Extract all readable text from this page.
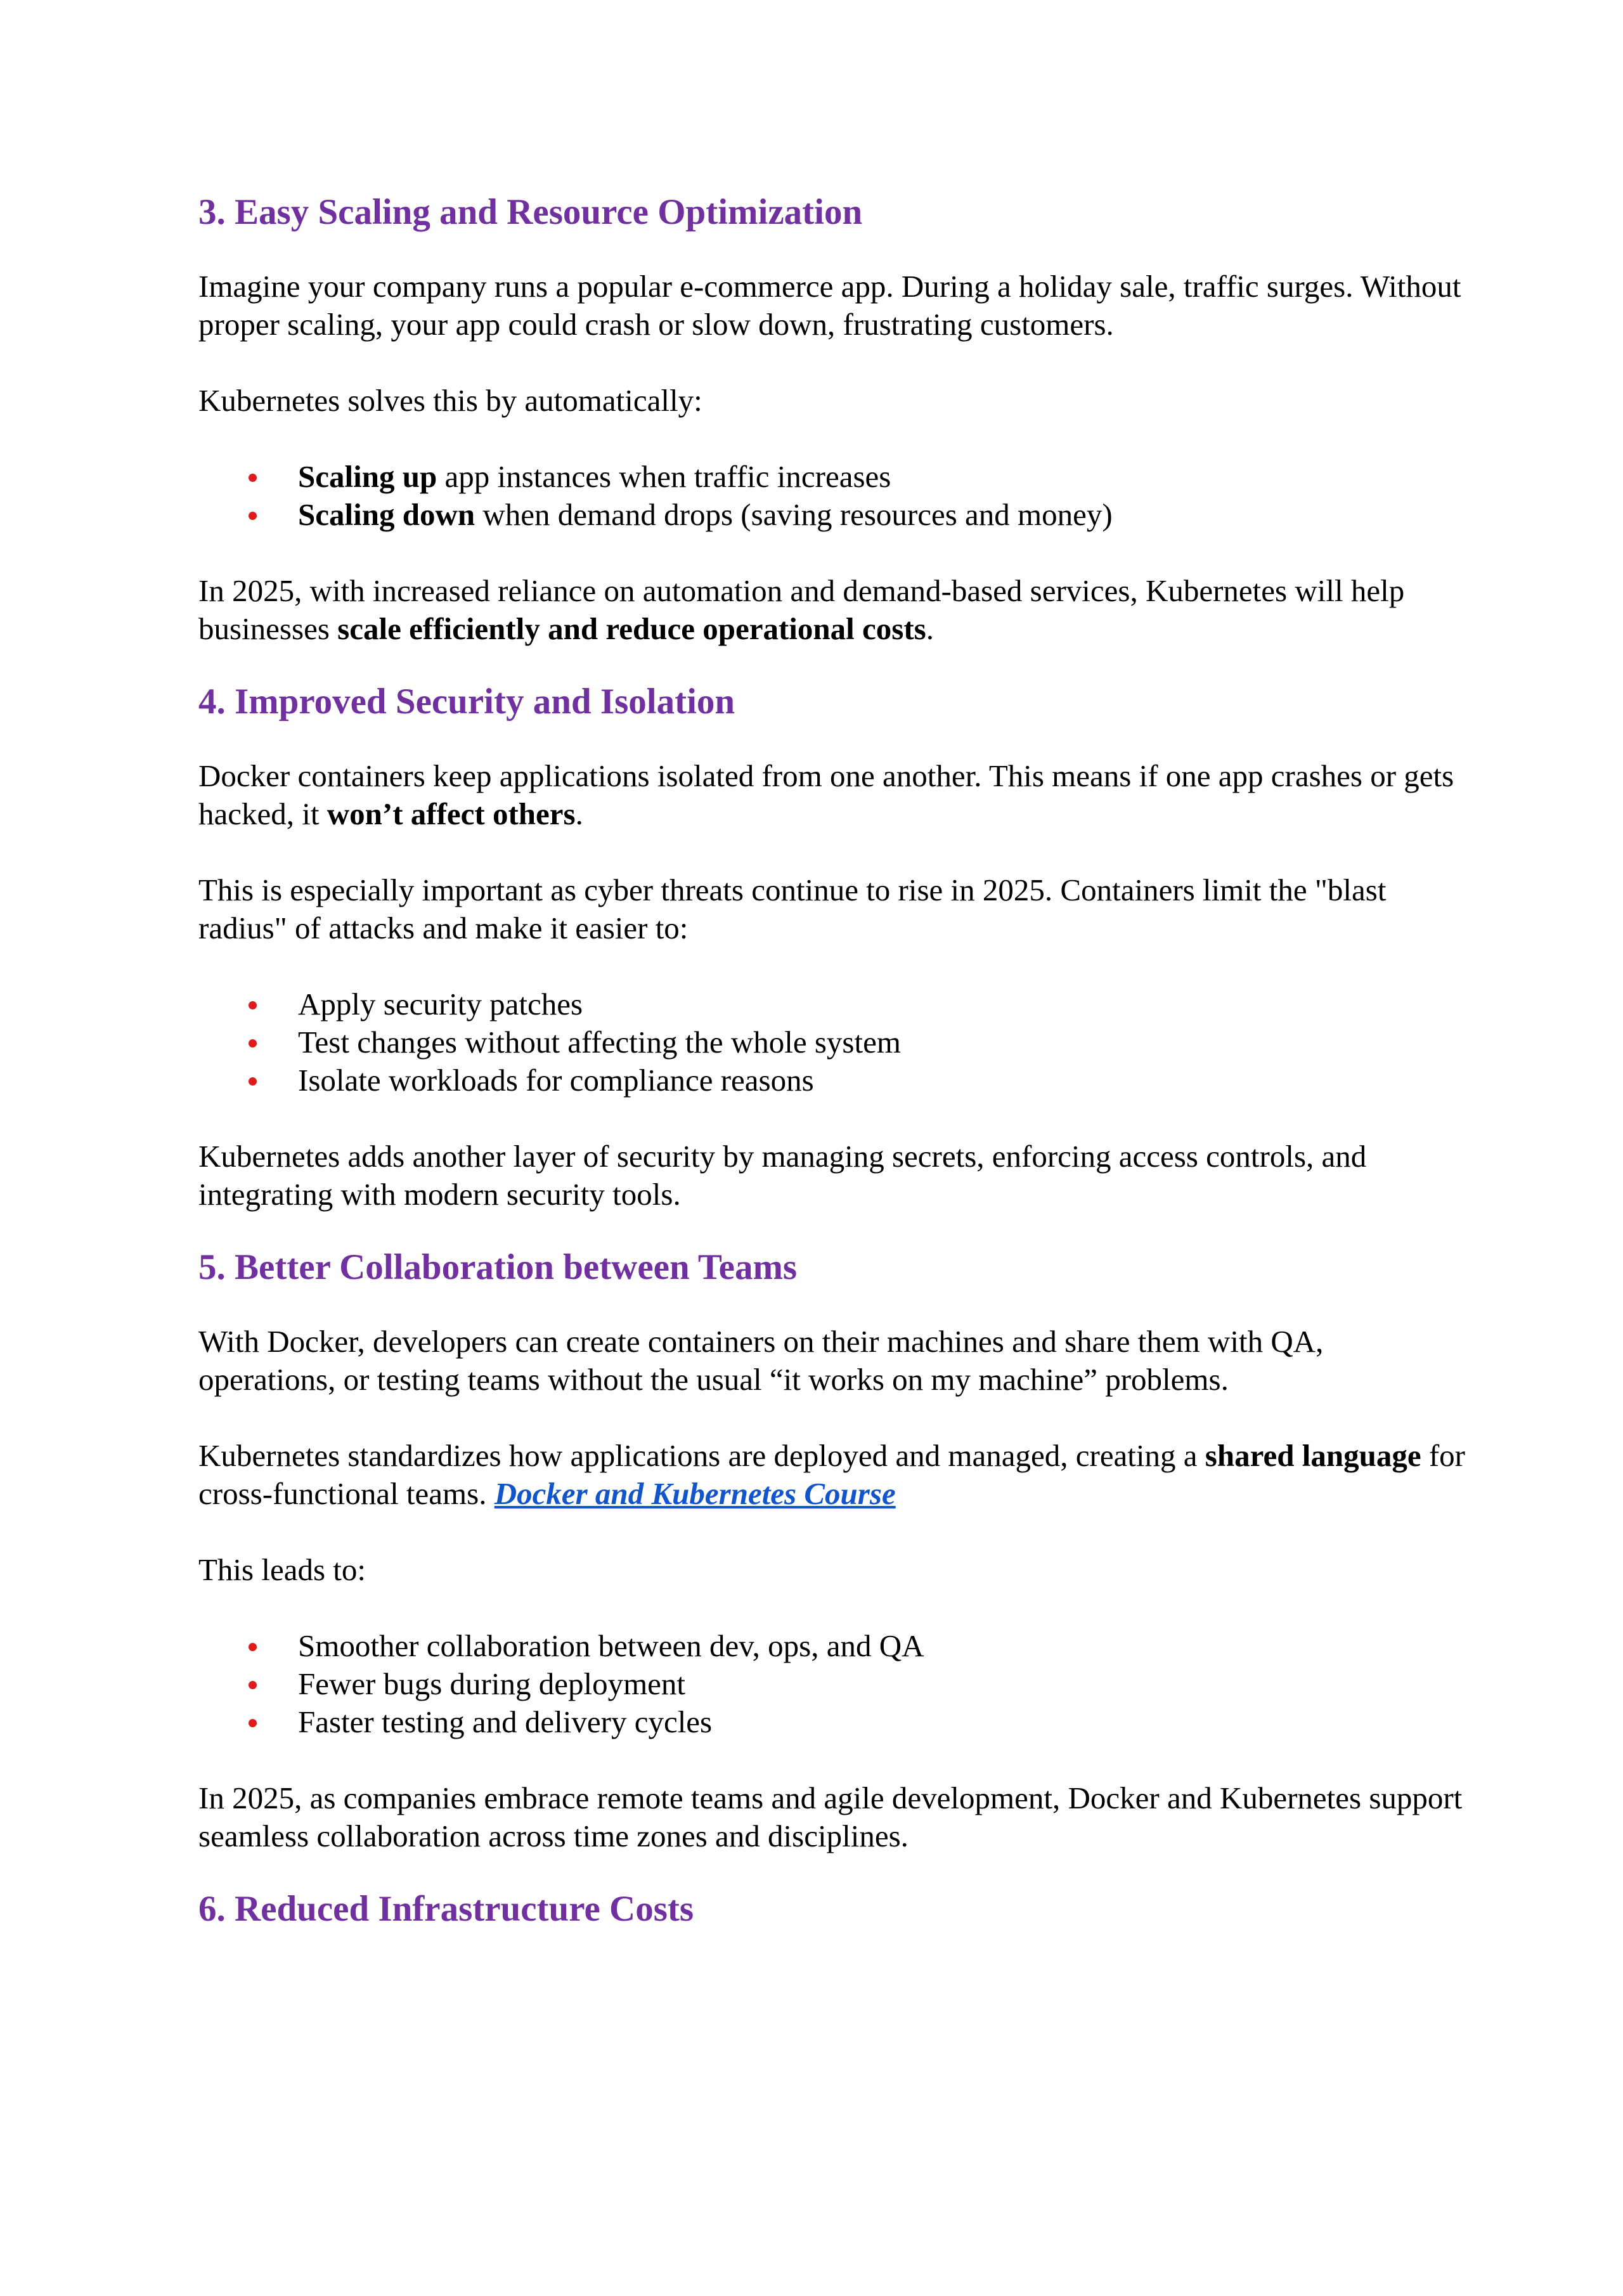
3. Easy Scaling and Resource Optimization

Imagine your company runs a popular e-commerce app. During a holiday sale, traffic surges. Without proper scaling, your app could crash or slow down, frustrating customers.

Kubernetes solves this by automatically:

Scaling up app instances when traffic increases
Scaling down when demand drops (saving resources and money)

In 2025, with increased reliance on automation and demand-based services, Kubernetes will help businesses scale efficiently and reduce operational costs.

4. Improved Security and Isolation

Docker containers keep applications isolated from one another. This means if one app crashes or gets hacked, it won’t affect others.

This is especially important as cyber threats continue to rise in 2025. Containers limit the "blast radius" of attacks and make it easier to:

Apply security patches
Test changes without affecting the whole system
Isolate workloads for compliance reasons

Kubernetes adds another layer of security by managing secrets, enforcing access controls, and integrating with modern security tools.

5. Better Collaboration between Teams

With Docker, developers can create containers on their machines and share them with QA, operations, or testing teams without the usual “it works on my machine” problems.

Kubernetes standardizes how applications are deployed and managed, creating a shared language for cross-functional teams. Docker and Kubernetes Course

This leads to:

Smoother collaboration between dev, ops, and QA
Fewer bugs during deployment
Faster testing and delivery cycles

In 2025, as companies embrace remote teams and agile development, Docker and Kubernetes support seamless collaboration across time zones and disciplines.

6. Reduced Infrastructure Costs
